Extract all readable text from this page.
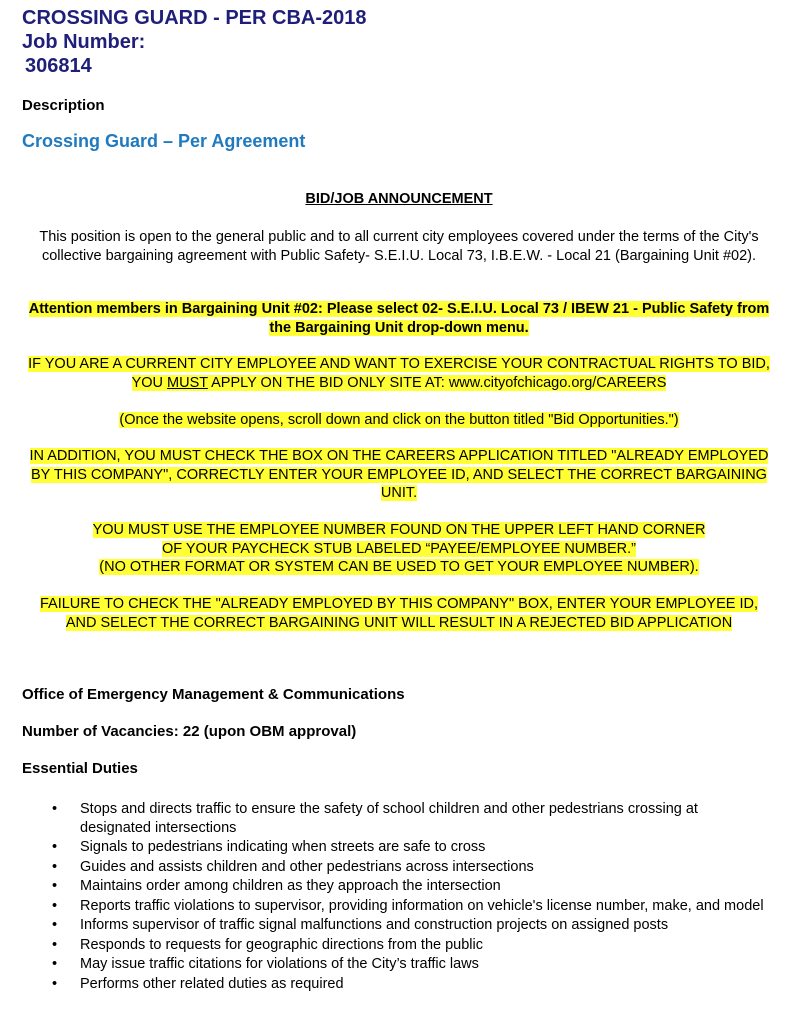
CROSSING GUARD - PER CBA-2018
Job Number:
306814

Description

Crossing Guard – Per Agreement

BID/JOB ANNOUNCEMENT

This position is open to the general public and to all current city employees covered under the terms of the City's collective bargaining agreement with Public Safety- S.E.I.U. Local 73, I.B.E.W. - Local 21 (Bargaining Unit #02).

Attention members in Bargaining Unit #02: Please select 02- S.E.I.U. Local 73 / IBEW 21 - Public Safety from the Bargaining Unit drop-down menu.

IF YOU ARE A CURRENT CITY EMPLOYEE AND WANT TO EXERCISE YOUR CONTRACTUAL RIGHTS TO BID, YOU MUST APPLY ON THE BID ONLY SITE AT: www.cityofchicago.org/CAREERS

(Once the website opens, scroll down and click on the button titled "Bid Opportunities.")

IN ADDITION, YOU MUST CHECK THE BOX ON THE CAREERS APPLICATION TITLED "ALREADY EMPLOYED BY THIS COMPANY", CORRECTLY ENTER YOUR EMPLOYEE ID, AND SELECT THE CORRECT BARGAINING UNIT.

YOU MUST USE THE EMPLOYEE NUMBER FOUND ON THE UPPER LEFT HAND CORNER
OF YOUR PAYCHECK STUB LABELED “PAYEE/EMPLOYEE NUMBER.”
(NO OTHER FORMAT OR SYSTEM CAN BE USED TO GET YOUR EMPLOYEE NUMBER).

FAILURE TO CHECK THE "ALREADY EMPLOYED BY THIS COMPANY" BOX, ENTER YOUR EMPLOYEE ID, AND SELECT THE CORRECT BARGAINING UNIT WILL RESULT IN A REJECTED BID APPLICATION

Office of Emergency Management & Communications

Number of Vacancies: 22 (upon OBM approval)

Essential Duties

• Stops and directs traffic to ensure the safety of school children and other pedestrians crossing at designated intersections
• Signals to pedestrians indicating when streets are safe to cross
• Guides and assists children and other pedestrians across intersections
• Maintains order among children as they approach the intersection
• Reports traffic violations to supervisor, providing information on vehicle's license number, make, and model
• Informs supervisor of traffic signal malfunctions and construction projects on assigned posts
• Responds to requests for geographic directions from the public
• May issue traffic citations for violations of the City’s traffic laws
• Performs other related duties as required
